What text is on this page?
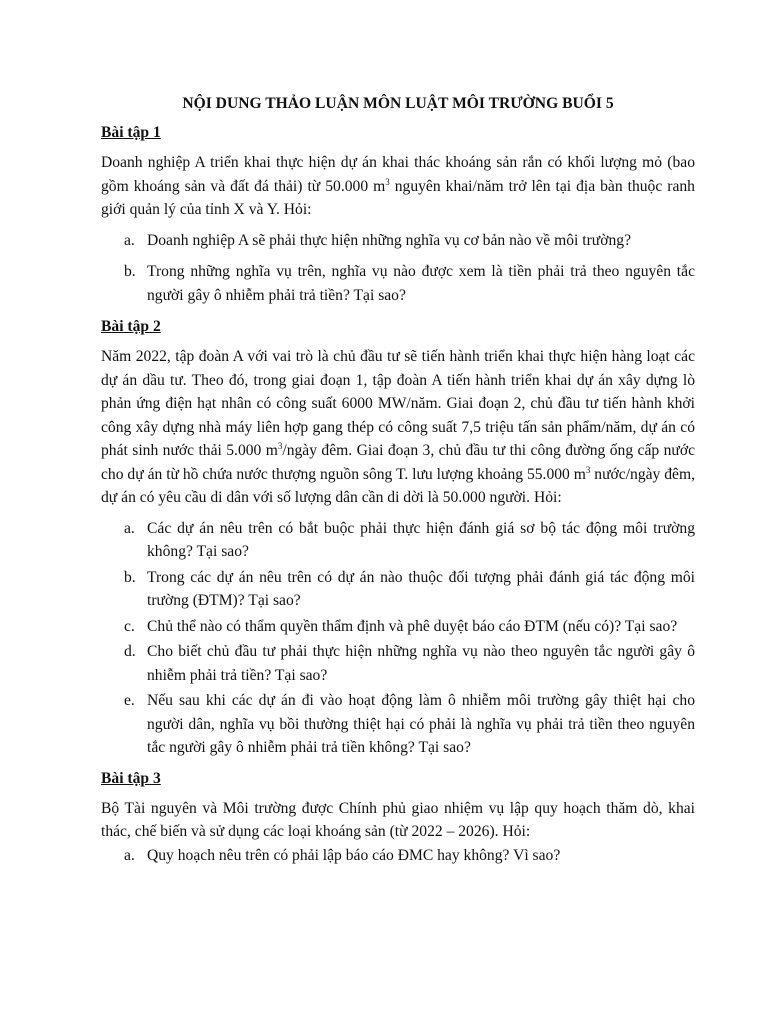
NỘI DUNG THẢO LUẬN MÔN LUẬT MÔI TRƯỜNG BUỔI 5
Bài tập 1
Doanh nghiệp A triển khai thực hiện dự án khai thác khoáng sản rắn có khối lượng mỏ (bao gồm khoáng sản và đất đá thải) từ 50.000 $m^3$ nguyên khai/năm trở lên tại địa bàn thuộc ranh giới quản lý của tỉnh X và Y. Hỏi:
a. Doanh nghiệp A sẽ phải thực hiện những nghĩa vụ cơ bản nào về môi trường?
b. Trong những nghĩa vụ trên, nghĩa vụ nào được xem là tiền phải trả theo nguyên tắc người gây ô nhiễm phải trả tiền? Tại sao?
Bài tập 2
Năm 2022, tập đoàn A với vai trò là chủ đầu tư sẽ tiến hành triển khai thực hiện hàng loạt các dự án dầu tư. Theo đó, trong giai đoạn 1, tập đoàn A tiến hành triển khai dự án xây dựng lò phản ứng điện hạt nhân có công suất 6000 MW/năm. Giai đoạn 2, chủ đầu tư tiến hành khởi công xây dựng nhà máy liên hợp gang thép có công suất 7,5 triệu tấn sản phẩm/năm, dự án có phát sinh nước thải 5.000 $m^3$/ngày đêm. Giai đoạn 3, chủ đầu tư thi công đường ống cấp nước cho dự án từ hồ chứa nước thượng nguồn sông T. lưu lượng khoảng 55.000 $m^3$ nước/ngày đêm, dự án có yêu cầu di dân với số lượng dân cần di dời là 50.000 người. Hỏi:
a. Các dự án nêu trên có bắt buộc phải thực hiện đánh giá sơ bộ tác động môi trường không? Tại sao?
b. Trong các dự án nêu trên có dự án nào thuộc đối tượng phải đánh giá tác động môi trường (ĐTM)? Tại sao?
c. Chủ thể nào có thẩm quyền thẩm định và phê duyệt báo cáo ĐTM (nếu có)? Tại sao?
d. Cho biết chủ đầu tư phải thực hiện những nghĩa vụ nào theo nguyên tắc người gây ô nhiễm phải trả tiền? Tại sao?
e. Nếu sau khi các dự án đi vào hoạt động làm ô nhiễm môi trường gây thiệt hại cho người dân, nghĩa vụ bồi thường thiệt hại có phải là nghĩa vụ phải trả tiền theo nguyên tắc người gây ô nhiễm phải trả tiền không? Tại sao?
Bài tập 3
Bộ Tài nguyên và Môi trường được Chính phủ giao nhiệm vụ lập quy hoạch thăm dò, khai thác, chế biến và sử dụng các loại khoáng sản (từ 2022 – 2026). Hỏi:
a. Quy hoạch nêu trên có phải lập báo cáo ĐMC hay không? Vì sao?
